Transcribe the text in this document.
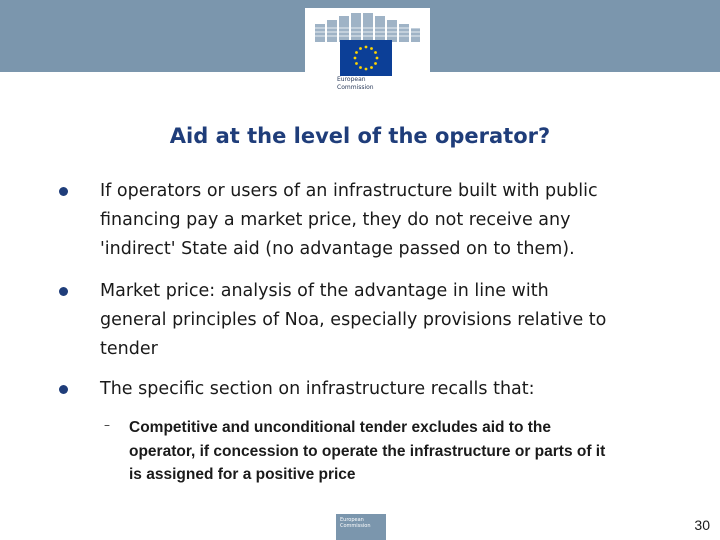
European
Commission
Aid at the level of the operator?
If operators or users of an infrastructure built with public
financing pay a market price, they do not receive any
'indirect' State aid (no advantage passed on to them).
Market price: analysis of the advantage in line with
general principles of Noa, especially provisions relative to
tender
The specific section on infrastructure recalls that:
–	Competitive and unconditional tender excludes aid to the
operator, if concession to operate the infrastructure or parts of it
is assigned for a positive price
European Commission	30
